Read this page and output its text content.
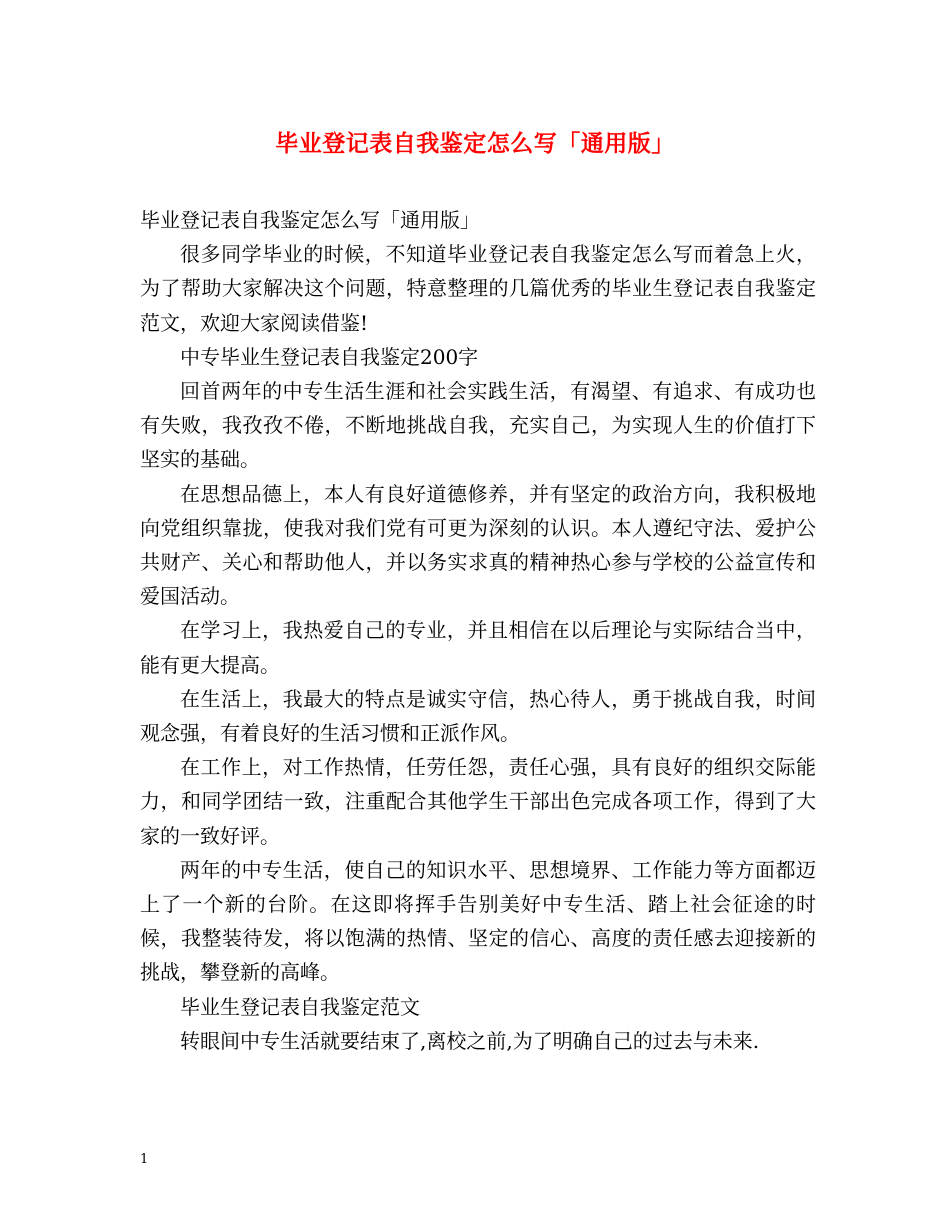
毕业登记表自我鉴定怎么写「通用版」

毕业登记表自我鉴定怎么写「通用版」

很多同学毕业的时候，不知道毕业登记表自我鉴定怎么写而着急上火，为了帮助大家解决这个问题，特意整理的几篇优秀的毕业生登记表自我鉴定范文，欢迎大家阅读借鉴!

中专毕业生登记表自我鉴定200字

回首两年的中专生活生涯和社会实践生活，有渴望、有追求、有成功也有失败，我孜孜不倦，不断地挑战自我，充实自己，为实现人生的价值打下坚实的基础。

在思想品德上，本人有良好道德修养，并有坚定的政治方向，我积极地向党组织靠拢，使我对我们党有可更为深刻的认识。本人遵纪守法、爱护公共财产、关心和帮助他人，并以务实求真的精神热心参与学校的公益宣传和爱国活动。

在学习上，我热爱自己的专业，并且相信在以后理论与实际结合当中，能有更大提高。

在生活上，我最大的特点是诚实守信，热心待人，勇于挑战自我，时间观念强，有着良好的生活习惯和正派作风。

在工作上，对工作热情，任劳任怨，责任心强，具有良好的组织交际能力，和同学团结一致，注重配合其他学生干部出色完成各项工作，得到了大家的一致好评。

两年的中专生活，使自己的知识水平、思想境界、工作能力等方面都迈上了一个新的台阶。在这即将挥手告别美好中专生活、踏上社会征途的时候，我整装待发，将以饱满的热情、坚定的信心、高度的责任感去迎接新的挑战，攀登新的高峰。

毕业生登记表自我鉴定范文

转眼间中专生活就要结束了,离校之前,为了明确自己的过去与未来.

1
